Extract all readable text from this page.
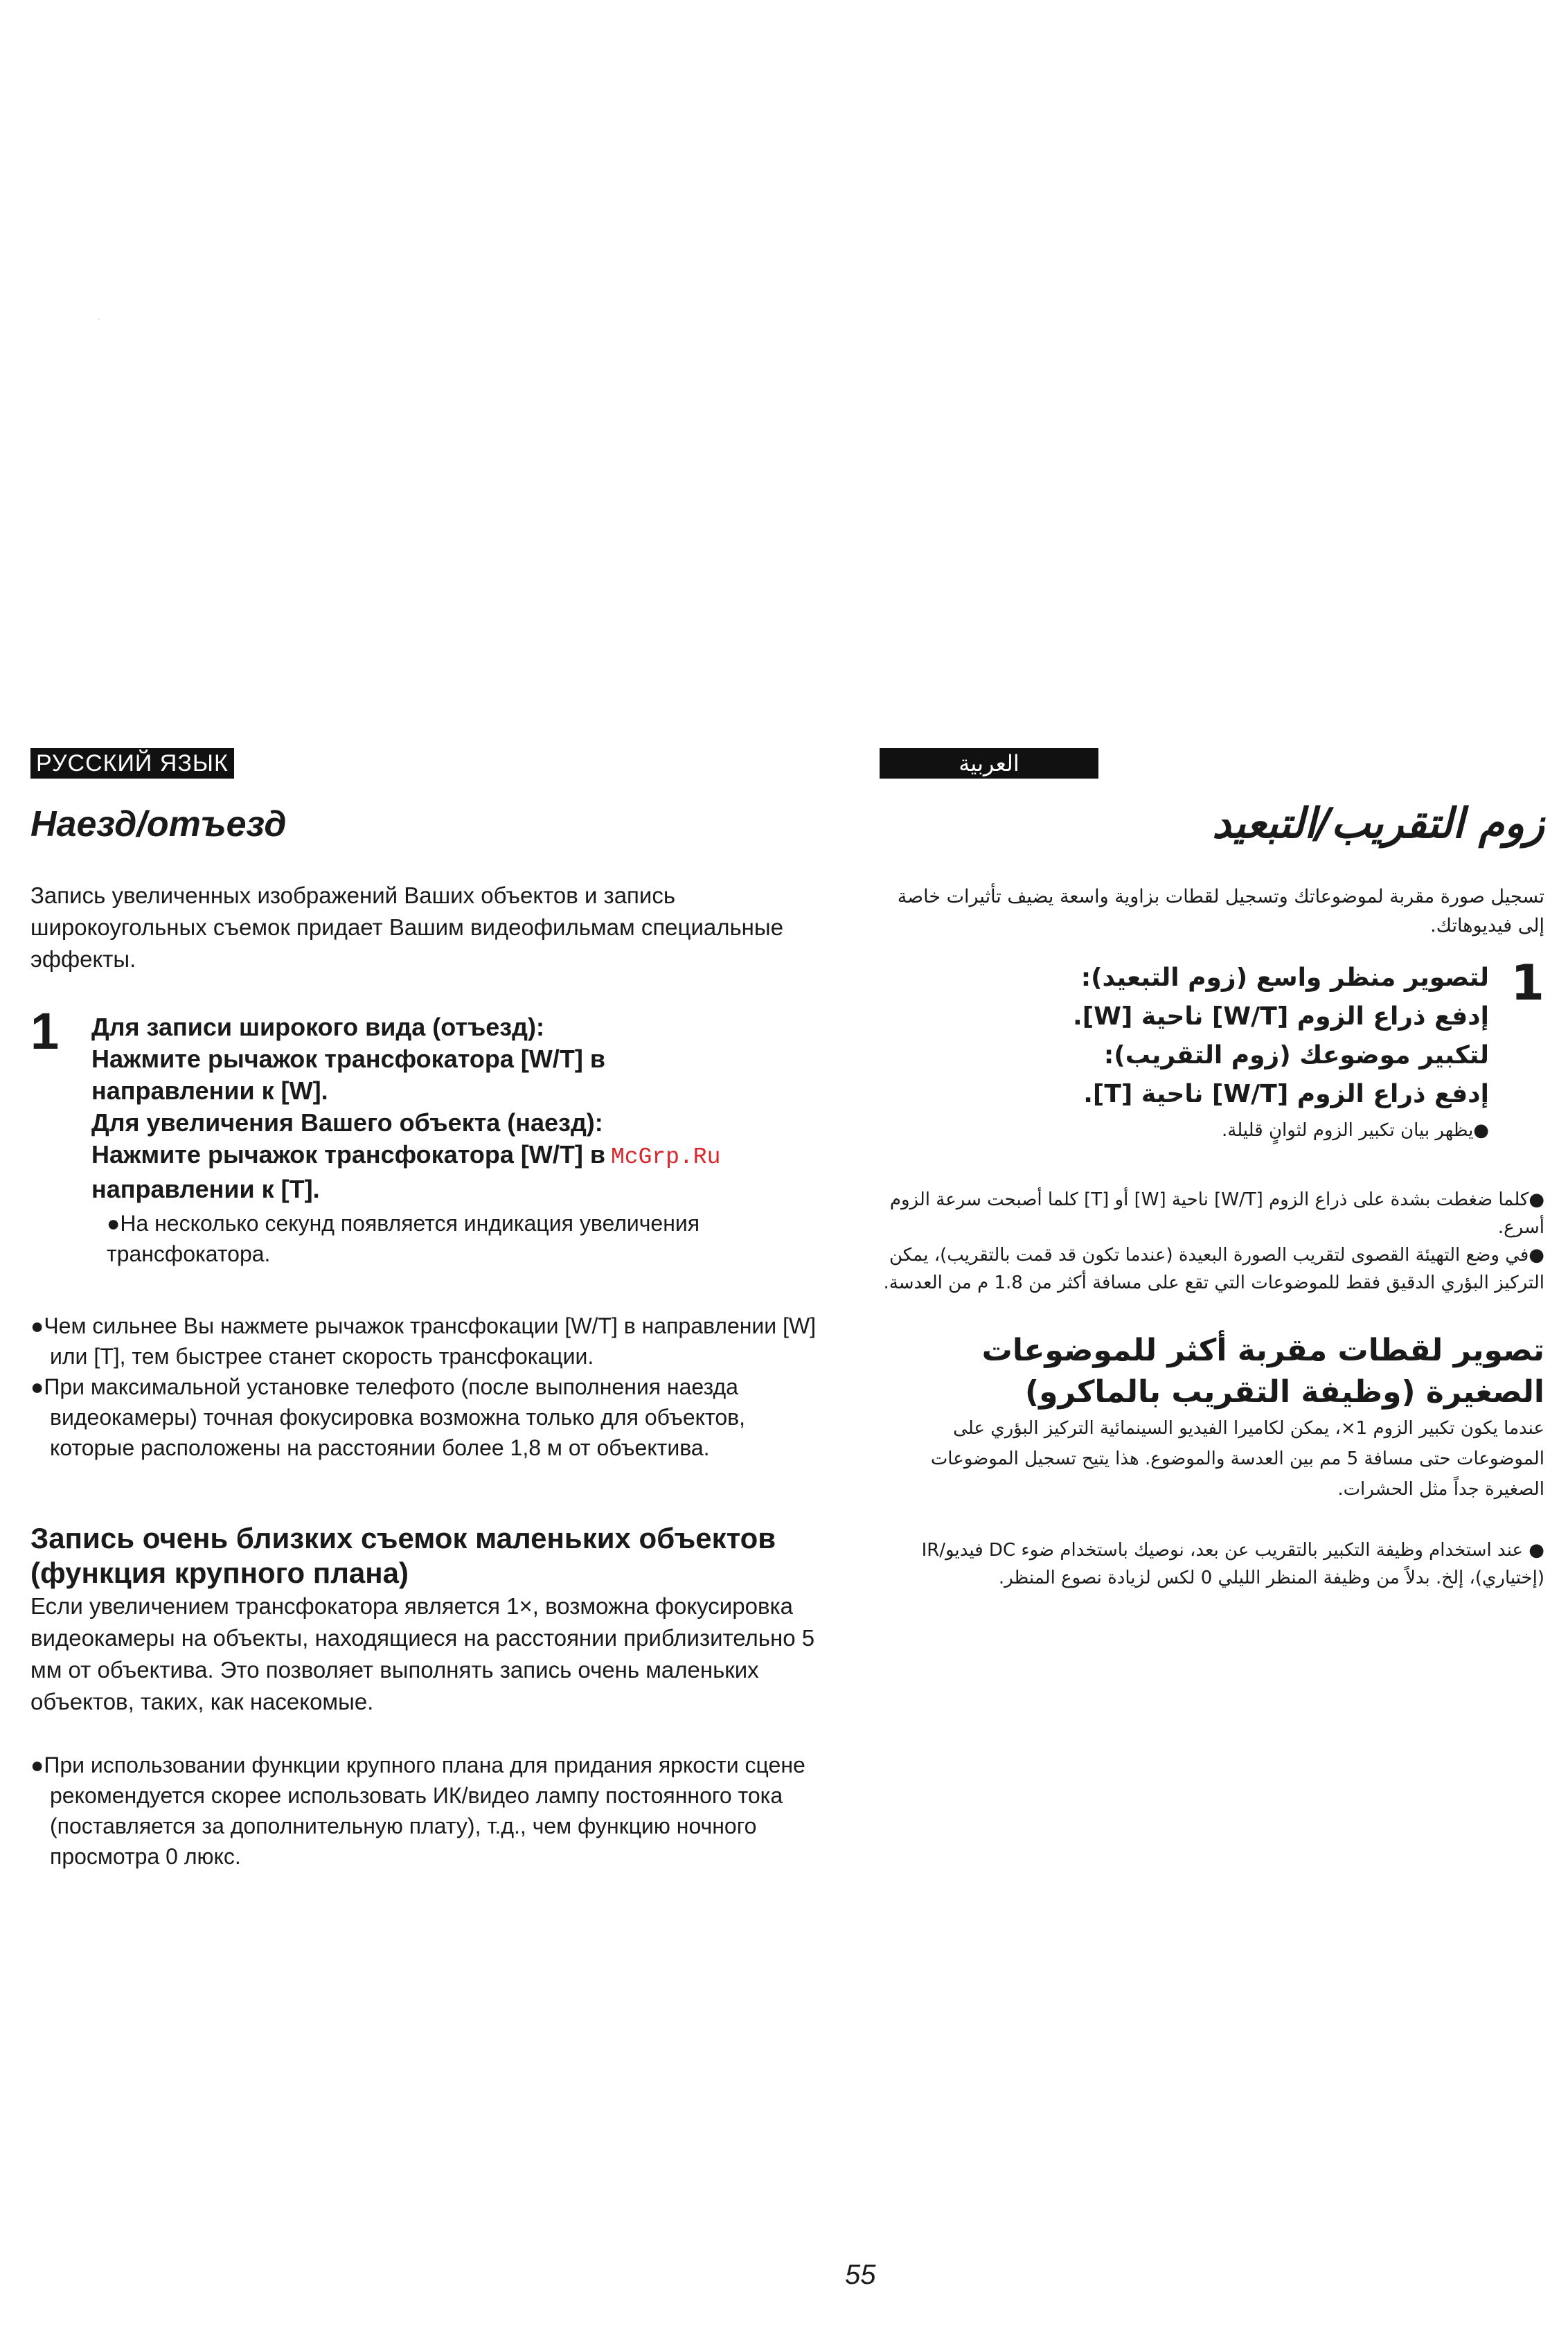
РУССКИЙ ЯЗЫК
Наезд/отъезд

Запись увеличенных изображений Ваших объектов и запись широкоугольных съемок придает Вашим видеофильмам специальные эффекты.

1 Для записи широкого вида (отъезд):
Нажмите рычажок трансфокатора [W/T] в
направлении к [W].
Для увеличения Вашего объекта (наезд):
Нажмите рычажок трансфокатора [W/T] в McGrp.Ru
направлении к [T].
●На несколько секунд появляется индикация увеличения трансфокатора.
●Чем сильнее Вы нажмете рычажок трансфокации [W/T] в направлении [W] или [T], тем быстрее станет скорость трансфокации.
●При максимальной установке телефото (после выполнения наезда видеокамеры) точная фокусировка возможна только для объектов, которые расположены на расстоянии более 1,8 м от объектива.
Запись очень близких съемок маленьких объектов (функция крупного плана)

Если увеличением трансфокатора является 1×, возможна фокусировка видеокамеры на объекты, находящиеся на расстоянии приблизительно 5 мм от объектива. Это позволяет выполнять запись очень маленьких объектов, таких, как насекомые.

●При использовании функции крупного плана для придания яркости сцене рекомендуется скорее использовать ИК/видео лампу постоянного тока (поставляется за дополнительную плату), т.д., чем функцию ночного просмотра 0 люкс.
العربية
زوم التقريب/التبعيد

تسجيل صورة مقربة لموضوعاتك وتسجيل لقطات بزاوية واسعة يضيف تأثيرات خاصة إلى فيديوهاتك.

1
لتصوير منظر واسع (زوم التبعيد):
إدفع ذراع الزوم [W/T] ناحية [W].
لتكبير موضوعك (زوم التقريب):
إدفع ذراع الزوم [W/T] ناحية [T].
●يظهر بيان تكبير الزوم لثوانٍ قليلة.
●كلما ضغطت بشدة على ذراع الزوم [W/T] ناحية [W] أو [T] كلما أصبحت سرعة الزوم أسرع.
●في وضع التهيئة القصوى لتقريب الصورة البعيدة (عندما تكون قد قمت بالتقريب)، يمكن التركيز البؤري الدقيق فقط للموضوعات التي تقع على مسافة أكثر من 1.8 م من العدسة.
تصوير لقطات مقربة أكثر للموضوعات الصغيرة (وظيفة التقريب بالماكرو)

عندما يكون تكبير الزوم 1×، يمكن لكاميرا الفيديو السينمائية التركيز البؤري على الموضوعات حتى مسافة 5 مم بين العدسة والموضوع. هذا يتيح تسجيل الموضوعات الصغيرة جداً مثل الحشرات.

● عند استخدام وظيفة التكبير بالتقريب عن بعد، نوصيك باستخدام ضوء DC فيديو/IR (إختياري)، إلخ. بدلاً من وظيفة المنظر الليلي 0 لكس لزيادة نصوع المنظر.
55
